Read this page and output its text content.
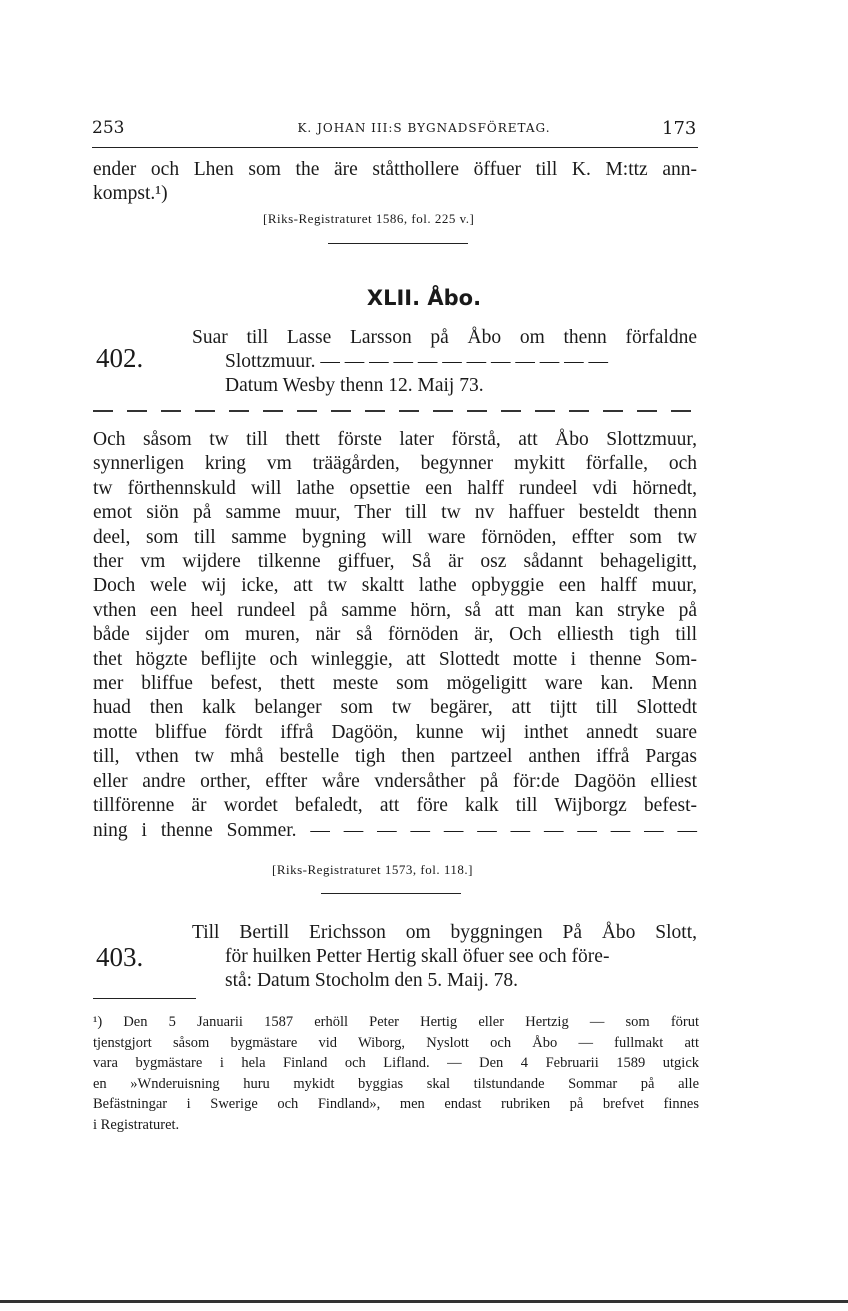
253	K. JOHAN III:S BYGNADSFÖRETAG.	173
ender och Lhen som the äre ståtthollere öffuer till K. M:ttz ann-
kompst.¹)
[Riks-Registraturet 1586, fol. 225 v.]
XLII. Åbo.
402.
Suar till Lasse Larsson på Åbo om thenn förfaldne
Slottzmuur. — — — — — — — — — — — —
Datum Wesby thenn 12. Maij 73.
Och såsom tw till thett förste later förstå, att Åbo Slottzmuur,
synnerligen kring vm träägården, begynner mykitt förfalle, och
tw förthennskuld will lathe opsettie een halff rundeel vdi hörnedt,
emot siön på samme muur, Ther till tw nv haffuer besteldt thenn
deel, som till samme bygning will ware förnöden, effter som tw
ther vm wijdere tilkenne giffuer, Så är osz sådannt behageligitt,
Doch wele wij icke, att tw skaltt lathe opbyggie een halff muur,
vthen een heel rundeel på samme hörn, så att man kan stryke på
både sijder om muren, när så förnöden är, Och elliesth tigh till
thet högzte beflijte och winleggie, att Slottedt motte i thenne Som-
mer bliffue befest, thett meste som mögeligitt ware kan. Menn
huad then kalk belanger som tw begärer, att tijtt till Slottedt
motte bliffue fördt iffrå Dagöön, kunne wij inthet annedt suare
till, vthen tw mhå bestelle tigh then partzeel anthen iffrå Pargas
eller andre orther, effter wåre vndersåther på för:de Dagöön elliest
tillförenne är wordet befaledt, att före kalk till Wijborgz befest-
ning i thenne Sommer. — — — — — — — — — — — —
[Riks-Registraturet 1573, fol. 118.]
403.
Till Bertill Erichsson om byggningen På Åbo Slott,
för huilken Petter Hertig skall öfuer see och före-
stå: Datum Stocholm den 5. Maij. 78.
¹) Den 5 Januarii 1587 erhöll Peter Hertig eller Hertzig — som förut
tjenstgjort såsom bygmästare vid Wiborg, Nyslott och Åbo — fullmakt att
vara bygmästare i hela Finland och Lifland. — Den 4 Februarii 1589 utgick
en »Wnderuisning huru mykidt byggias skal tilstundande Sommar på alle
Befästningar i Swerige och Findland», men endast rubriken på brefvet finnes
i Registraturet.
